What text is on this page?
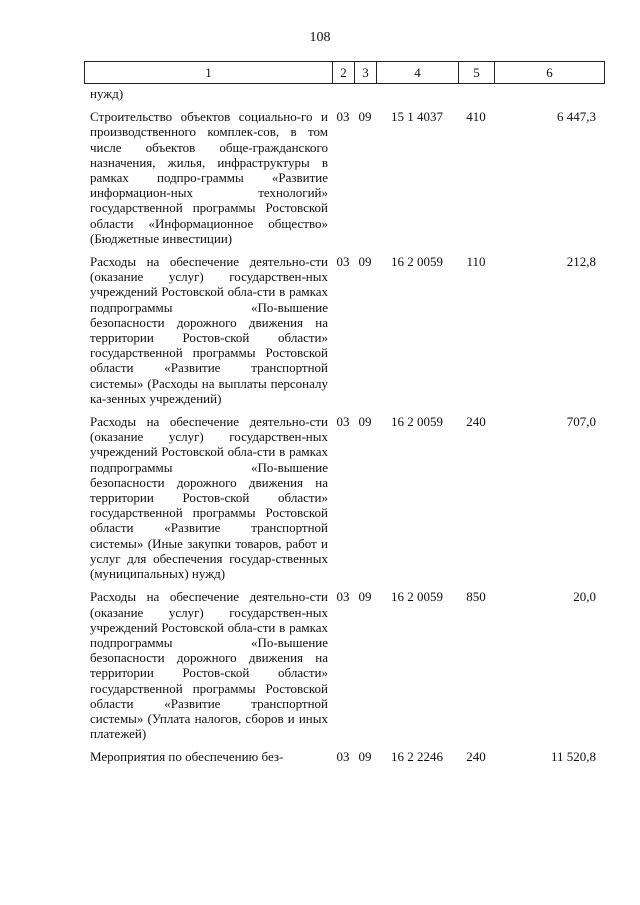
108
1	2	3	4	5	6
нужд)					
Строительство объектов социально-го и производственного комплек-сов, в том числе объектов обще-гражданского назначения, жилья, инфраструктуры в рамках подпро-граммы «Развитие информацион-ных технологий» государственной программы Ростовской области «Информационное общество» (Бюджетные инвестиции)	03	09	15 1 4037	410	6 447,3
Расходы на обеспечение деятельно-сти (оказание услуг) государствен-ных учреждений Ростовской обла-сти в рамках подпрограммы «По-вышение безопасности дорожного движения на территории Ростов-ской области» государственной программы Ростовской области «Развитие транспортной системы» (Расходы на выплаты персоналу ка-зенных учреждений)	03	09	16 2 0059	110	212,8
Расходы на обеспечение деятельно-сти (оказание услуг) государствен-ных учреждений Ростовской обла-сти в рамках подпрограммы «По-вышение безопасности дорожного движения на территории Ростов-ской области» государственной программы Ростовской области «Развитие транспортной системы» (Иные закупки товаров, работ и услуг для обеспечения государ-ственных (муниципальных) нужд)	03	09	16 2 0059	240	707,0
Расходы на обеспечение деятельно-сти (оказание услуг) государствен-ных учреждений Ростовской обла-сти в рамках подпрограммы «По-вышение безопасности дорожного движения на территории Ростов-ской области» государственной программы Ростовской области «Развитие транспортной системы» (Уплата налогов, сборов и иных платежей)	03	09	16 2 0059	850	20,0
Мероприятия по обеспечению без-	03	09	16 2 2246	240	11 520,8
